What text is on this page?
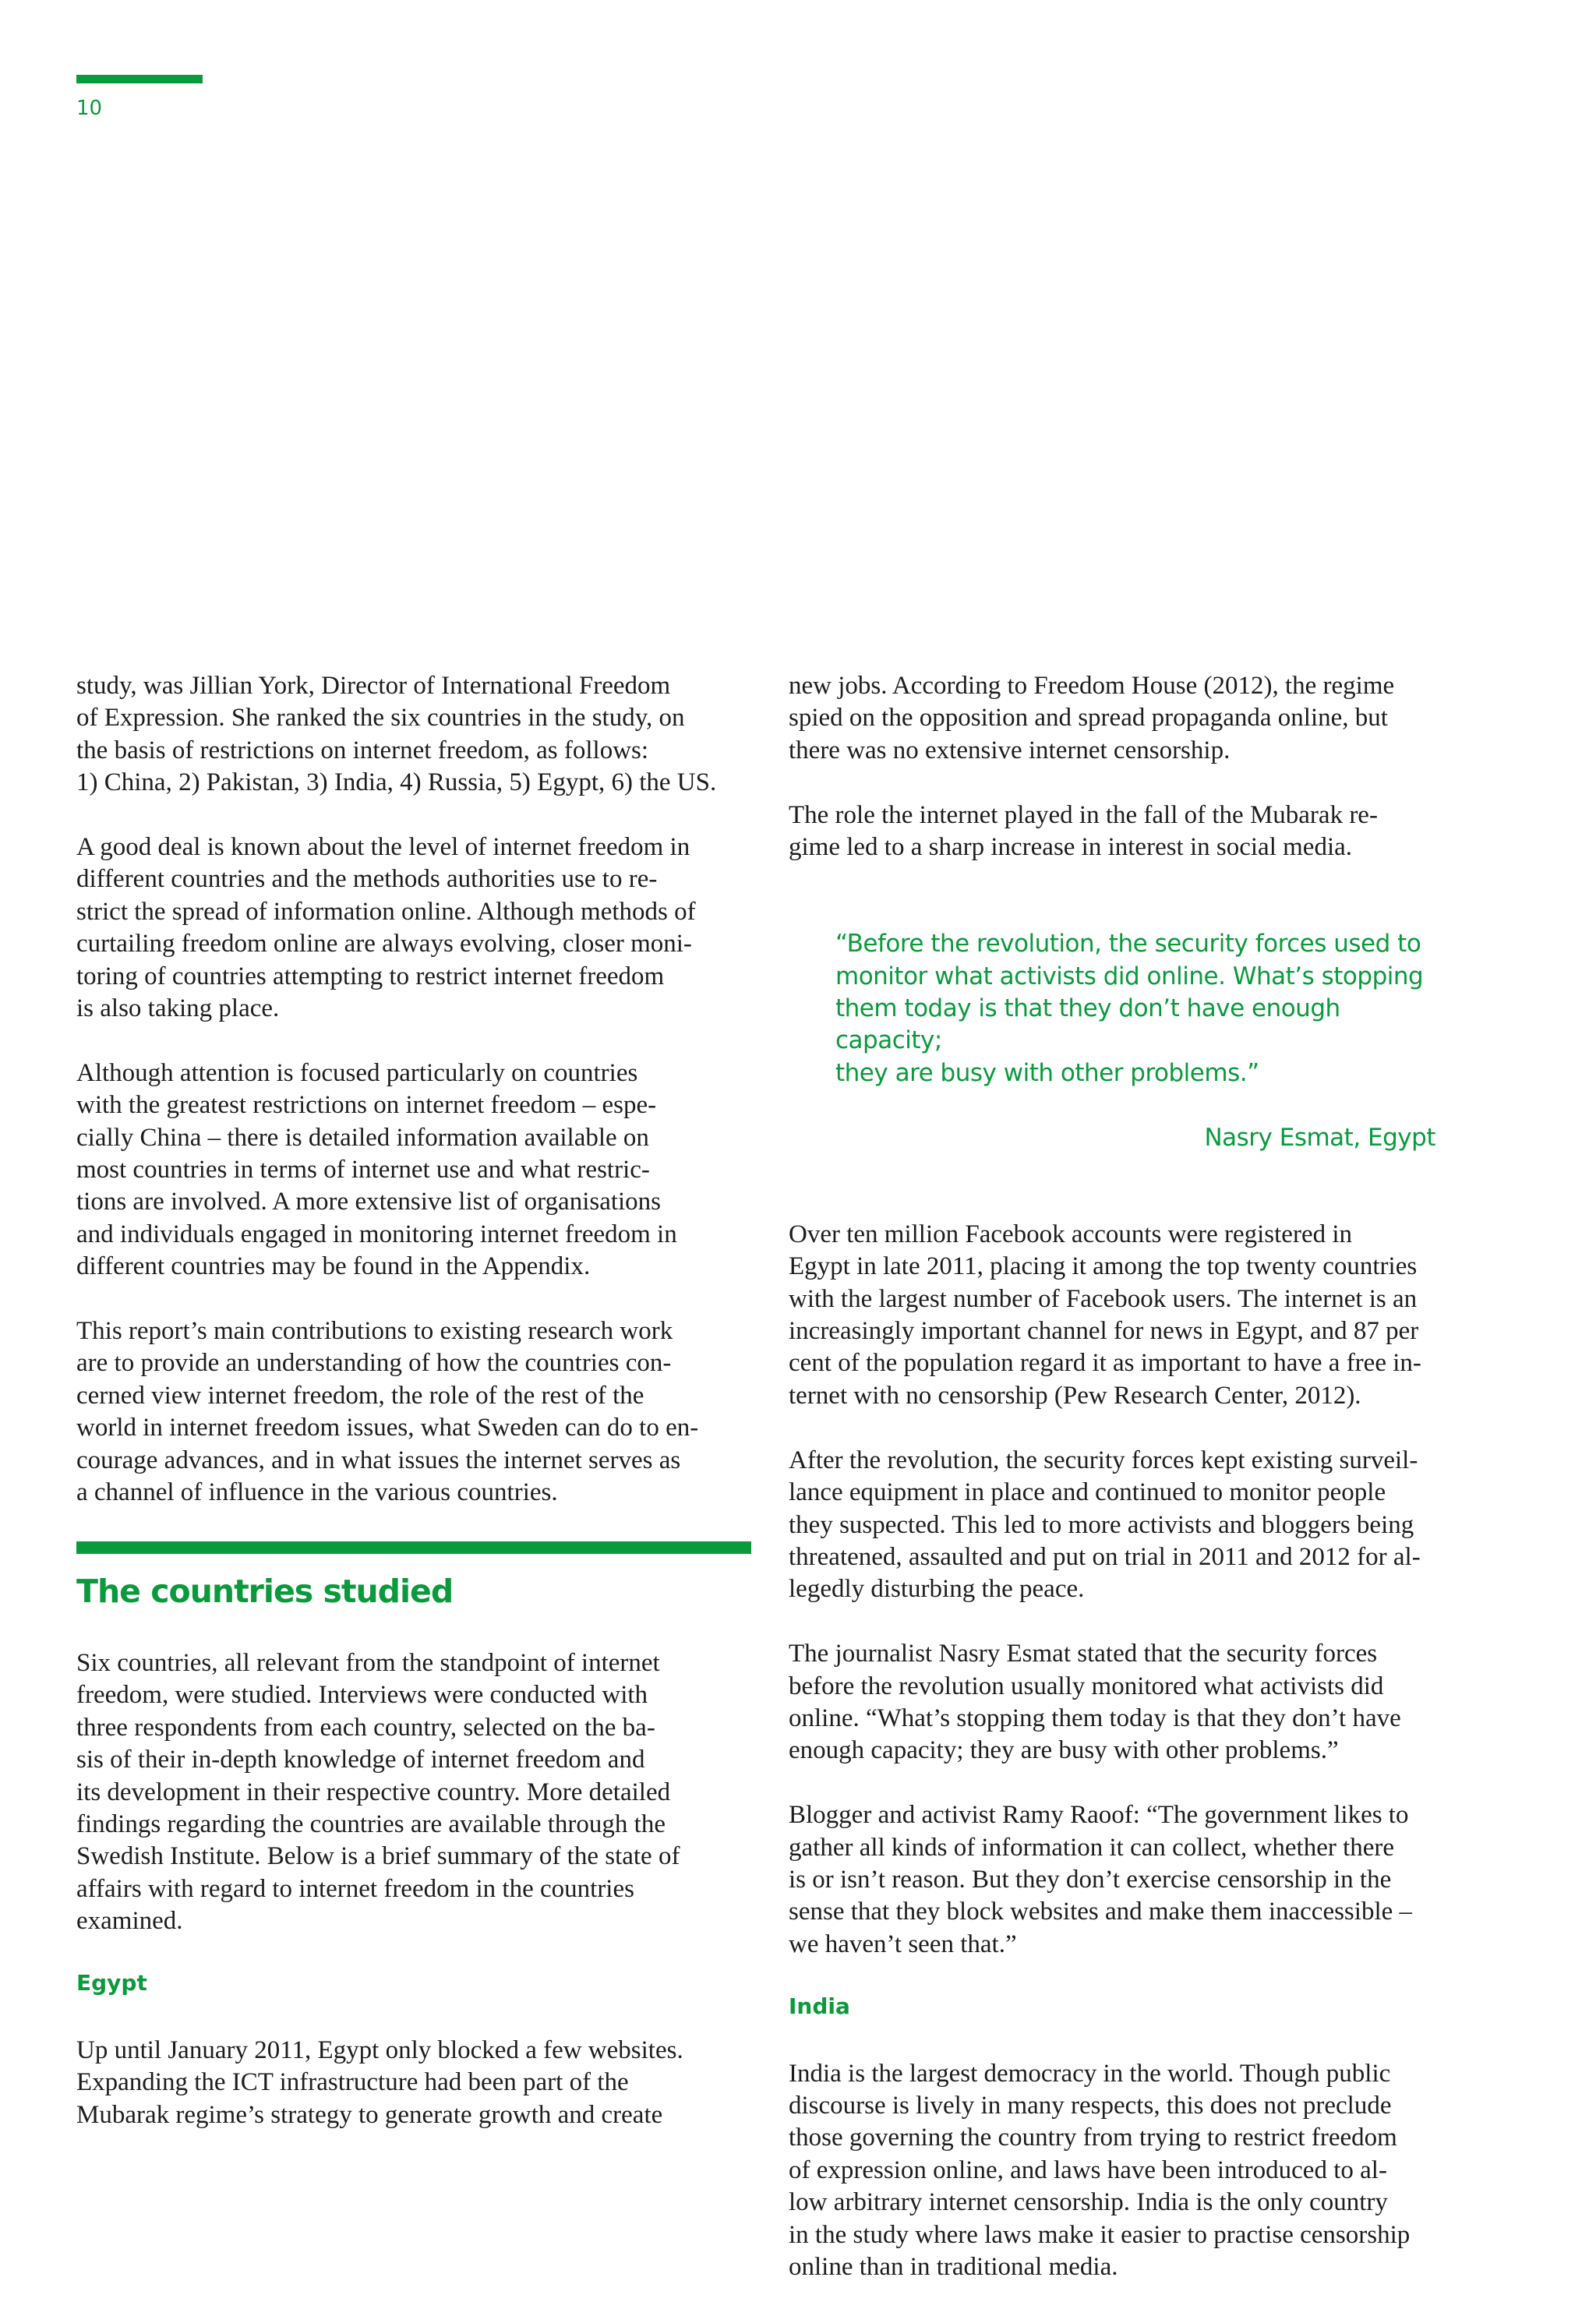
10

study, was Jillian York, Director of International Freedom
of Expression. She ranked the six countries in the study, on
the basis of restrictions on internet freedom, as follows:
1) China, 2) Pakistan, 3) India, 4) Russia, 5) Egypt, 6) the US.

A good deal is known about the level of internet freedom in
different countries and the methods authorities use to re-
strict the spread of information online. Although methods of
curtailing freedom online are always evolving, closer moni-
toring of countries attempting to restrict internet freedom
is also taking place.

Although attention is focused particularly on countries
with the greatest restrictions on internet freedom – espe-
cially China – there is detailed information available on
most countries in terms of internet use and what restric-
tions are involved. A more extensive list of organisations
and individuals engaged in monitoring internet freedom in
different countries may be found in the Appendix.

This report’s main contributions to existing research work
are to provide an understanding of how the countries con-
cerned view internet freedom, the role of the rest of the
world in internet freedom issues, what Sweden can do to en-
courage advances, and in what issues the internet serves as
a channel of influence in the various countries.

The countries studied

Six countries, all relevant from the standpoint of internet
freedom, were studied. Interviews were conducted with
three respondents from each country, selected on the ba-
sis of their in-depth knowledge of internet freedom and
its development in their respective country. More detailed
findings regarding the countries are available through the
Swedish Institute. Below is a brief summary of the state of
affairs with regard to internet freedom in the countries
examined.

Egypt

Up until January 2011, Egypt only blocked a few websites.
Expanding the ICT infrastructure had been part of the
Mubarak regime’s strategy to generate growth and create

new jobs. According to Freedom House (2012), the regime
spied on the opposition and spread propaganda online, but
there was no extensive internet censorship.

The role the internet played in the fall of the Mubarak re-
gime led to a sharp increase in interest in social media.

“Before the revolution, the security forces used to
monitor what activists did online. What’s stopping
them today is that they don’t have enough capacity;
they are busy with other problems.”

Nasry Esmat, Egypt

Over ten million Facebook accounts were registered in
Egypt in late 2011, placing it among the top twenty countries
with the largest number of Facebook users. The internet is an
increasingly important channel for news in Egypt, and 87 per
cent of the population regard it as important to have a free in-
ternet with no censorship (Pew Research Center, 2012).

After the revolution, the security forces kept existing surveil-
lance equipment in place and continued to monitor people
they suspected. This led to more activists and bloggers being
threatened, assaulted and put on trial in 2011 and 2012 for al-
legedly disturbing the peace.

The journalist Nasry Esmat stated that the security forces
before the revolution usually monitored what activists did
online. “What’s stopping them today is that they don’t have
enough capacity; they are busy with other problems.”

Blogger and activist Ramy Raoof: “The government likes to
gather all kinds of information it can collect, whether there
is or isn’t reason. But they don’t exercise censorship in the
sense that they block websites and make them inaccessible –
we haven’t seen that.”

India

India is the largest democracy in the world. Though public
discourse is lively in many respects, this does not preclude
those governing the country from trying to restrict freedom
of expression online, and laws have been introduced to al-
low arbitrary internet censorship. India is the only country
in the study where laws make it easier to practise censorship
online than in traditional media.
